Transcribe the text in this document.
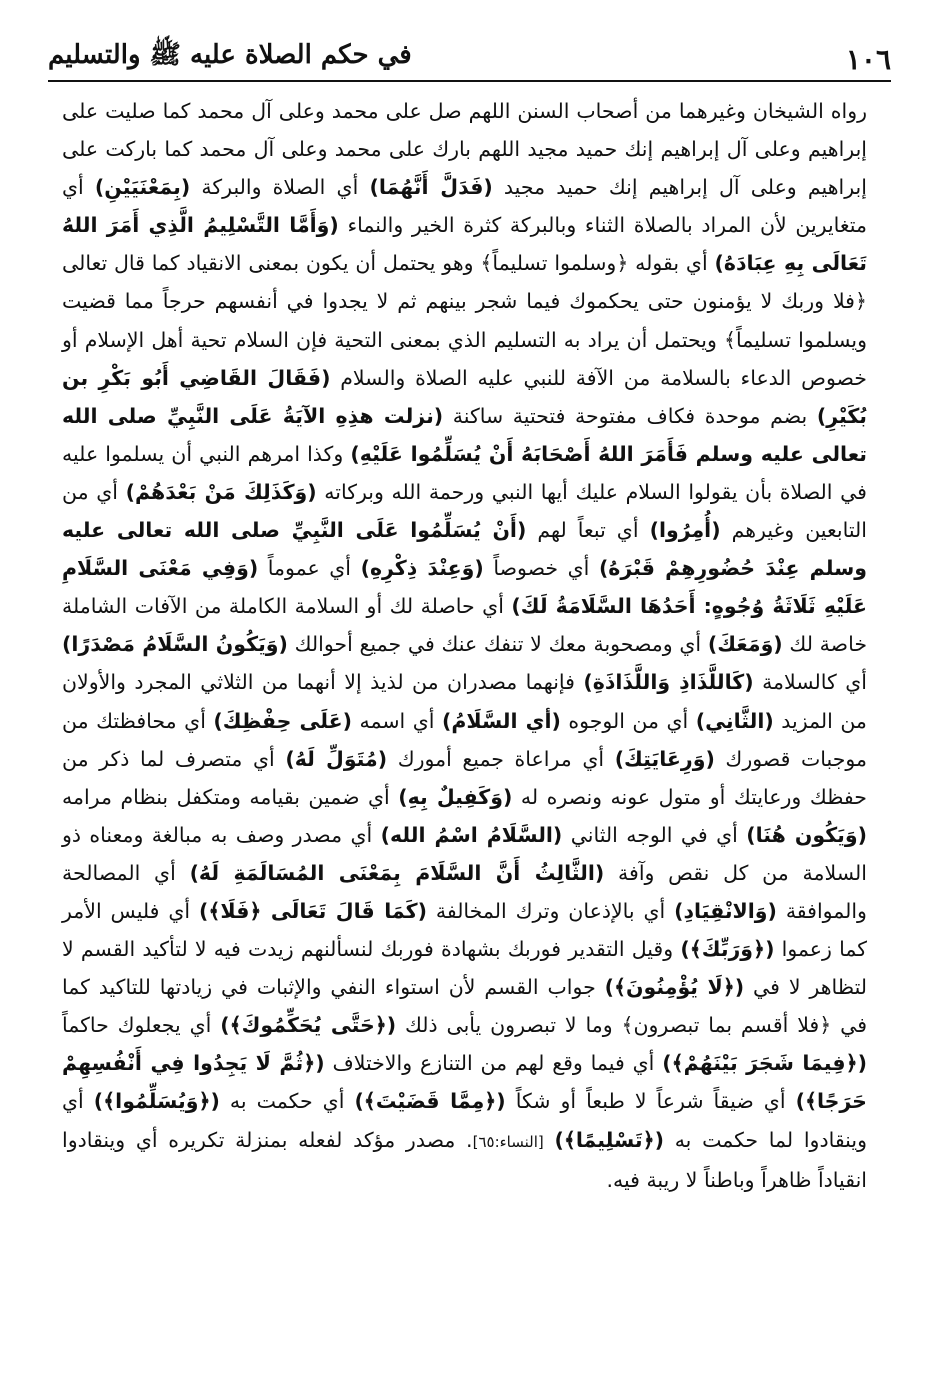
١٠٦
في حكم الصلاة عليه ﷺ والتسليم

رواه الشيخان وغيرهما من أصحاب السنن اللهم صل على محمد وعلى آل محمد كما صليت على إبراهيم وعلى آل إبراهيم إنك حميد مجيد اللهم بارك على محمد وعلى آل محمد كما باركت على إبراهيم وعلى آل إبراهيم إنك حميد مجيد (فَدَلَّ أَنَّهُمَا) أي الصلاة والبركة (بِمَعْنَيَيْنِ) أي متغايرين لأن المراد بالصلاة الثناء وبالبركة كثرة الخير والنماء (وَأَمَّا التَّسْلِيمُ الَّذِي أَمَرَ اللهُ تَعَالَى بِهِ عِبَادَهُ) أي بقوله ﴿وسلموا تسليماً﴾ وهو يحتمل أن يكون بمعنى الانقياد كما قال تعالى ﴿فلا وربك لا يؤمنون حتى يحكموك فيما شجر بينهم ثم لا يجدوا في أنفسهم حرجاً مما قضيت ويسلموا تسليماً﴾ ويحتمل أن يراد به التسليم الذي بمعنى التحية فإن السلام تحية أهل الإسلام أو خصوص الدعاء بالسلامة من الآفة للنبي عليه الصلاة والسلام (فَقَالَ القَاضِي أَبُو بَكْرِ بن بُكَيْرِ) بضم موحدة فكاف مفتوحة فتحتية ساكنة (نزلت هذِهِ الآيَةُ عَلَى النَّبِيِّ صلى الله تعالى عليه وسلم فَأَمَرَ اللهُ أَصْحَابَهُ أَنْ يُسَلِّمُوا عَلَيْهِ) وكذا امرهم النبي أن يسلموا عليه في الصلاة بأن يقولوا السلام عليك أيها النبي ورحمة الله وبركاته (وَكَذَلِكَ مَنْ بَعْدَهُمْ) أي من التابعين وغيرهم (أُمِرُوا) أي تبعاً لهم (أَنْ يُسَلِّمُوا عَلَى النَّبِيِّ صلى الله تعالى عليه وسلم عِنْدَ حُضُورِهِمْ قَبْرَهُ) أي خصوصاً (وَعِنْدَ ذِكْرِهِ) أي عموماً (وَفِي مَعْنَى السَّلَامِ عَلَيْهِ ثَلَاثَةُ وُجُوهٍ: أَحَدُهَا السَّلَامَةُ لَكَ) أي حاصلة لك أو السلامة الكاملة من الآفات الشاملة خاصة لك (وَمَعَكَ) أي ومصحوبة معك لا تنفك عنك في جميع أحوالك (وَيَكُونُ السَّلَامُ مَصْدَرًا) أي كالسلامة (كَاللَّذَاذِ وَاللَّذَاذَةِ) فإنهما مصدران من لذيذ إلا أنهما من الثلاثي المجرد والأولان من المزيد (الثَّانِي) أي من الوجوه (أي السَّلَامُ) أي اسمه (عَلَى حِفْظِكَ) أي محافظتك من موجبات قصورك (وَرِعَايَتِكَ) أي مراعاة جميع أمورك (مُتَوَلِّ لَهُ) أي متصرف لما ذكر من حفظك ورعايتك أو متول عونه ونصره له (وَكَفِيلٌ بِهِ) أي ضمين بقيامه ومتكفل بنظام مرامه (وَيَكُون هُنَا) أي في الوجه الثاني (السَّلَامُ اسْمُ الله) أي مصدر وصف به مبالغة ومعناه ذو السلامة من كل نقص وآفة (الثَّالِثُ أَنَّ السَّلَامَ بِمَعْنَى المُسَالَمَةِ لَهُ) أي المصالحة والموافقة (وَالانْقِيَادِ) أي بالإذعان وترك المخالفة (كَمَا قَالَ تَعَالَى ﴿فَلَا﴾) أي فليس الأمر كما زعموا (﴿وَرَبِّكَ﴾) وقيل التقدير فوربك بشهادة فوربك لنسألنهم زيدت فيه لا لتأكيد القسم لا لتظاهر لا في (﴿لَا يُؤْمِنُونَ﴾) جواب القسم لأن استواء النفي والإثبات في زيادتها للتاكيد كما في ﴿فلا أقسم بما تبصرون﴾ وما لا تبصرون يأبى ذلك (﴿حَتَّى يُحَكِّمُوكَ﴾) أي يجعلوك حاكماً (﴿فِيمَا شَجَرَ بَيْنَهُمْ﴾) أي فيما وقع لهم من التنازع والاختلاف (﴿ثُمَّ لَا يَجِدُوا فِي أَنْفُسِهِمْ حَرَجًا﴾) أي ضيقاً شرعاً لا طبعاً أو شكاً (﴿مِمَّا قَضَيْتَ﴾) أي حكمت به (﴿وَيُسَلِّمُوا﴾) أي وينقادوا لما حكمت به (﴿تَسْلِيمًا﴾) [النساء:٦٥]. مصدر مؤكد لفعله بمنزلة تكريره أي وينقادوا انقياداً ظاهراً وباطناً لا ريبة فيه.
